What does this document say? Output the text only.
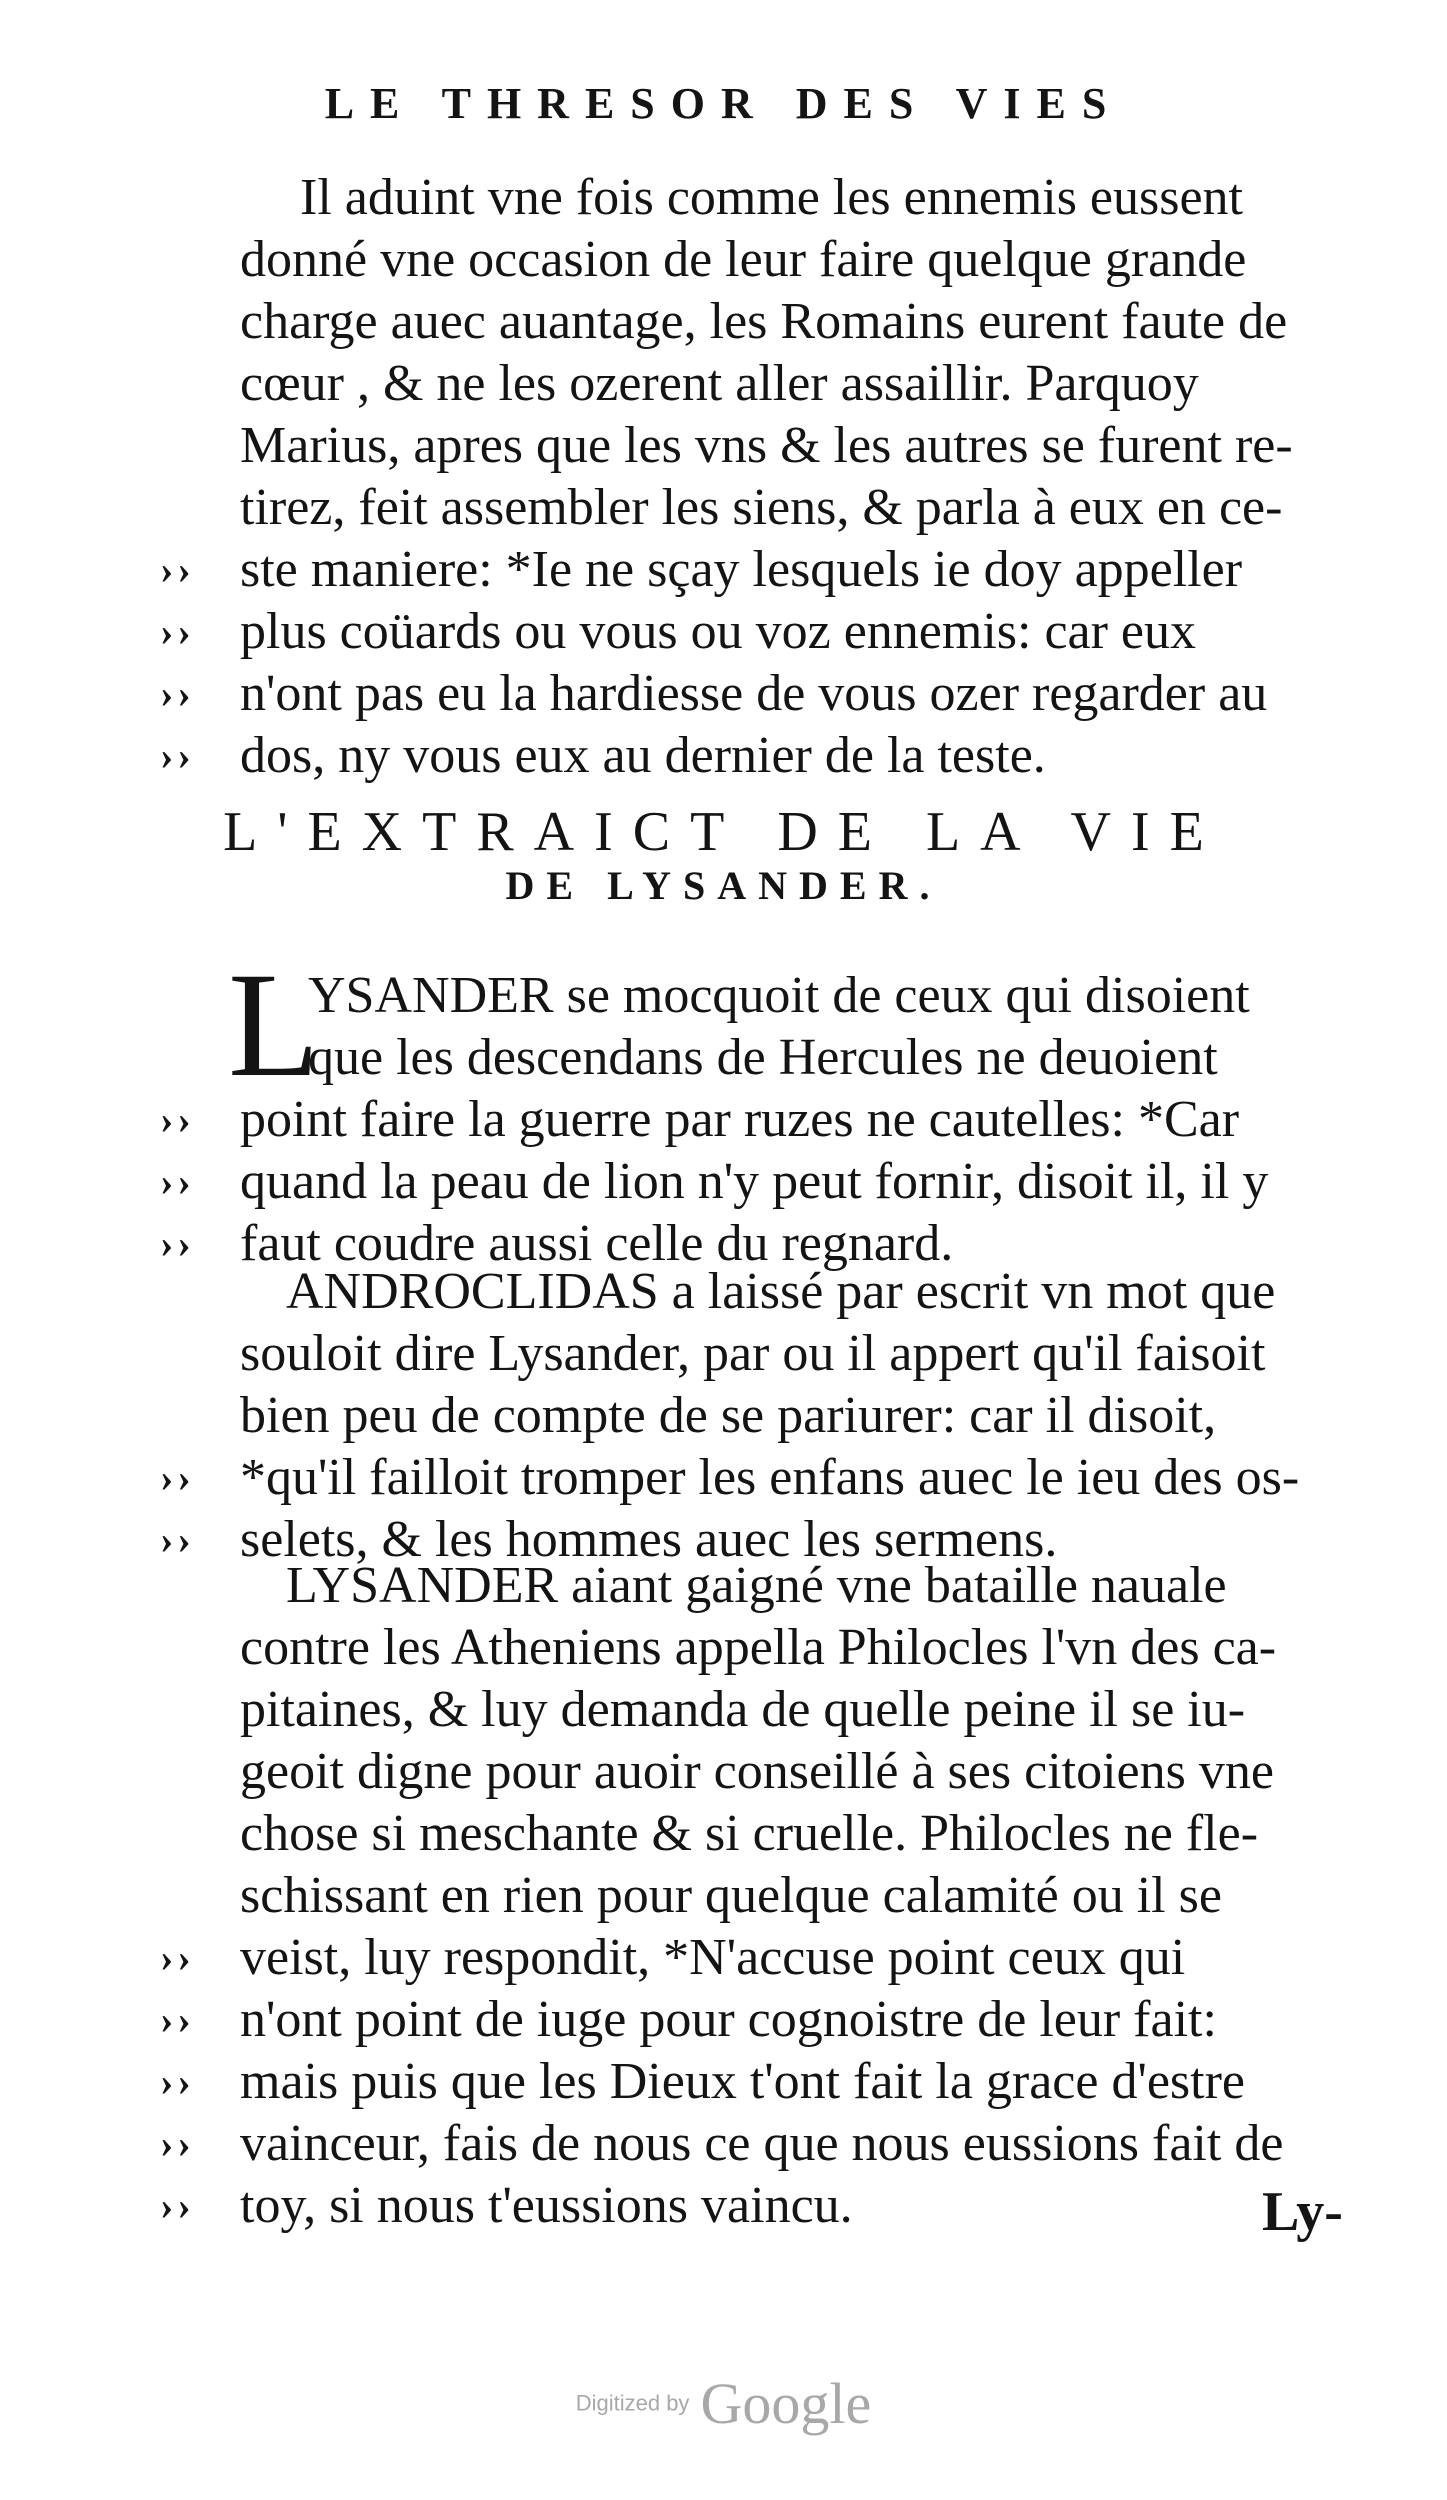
LE THRESOR DES VIES
Il aduint vne fois comme les ennemis eussent
donné vne occasion de leur faire quelque grande
charge auec auantage, les Romains eurent faute de
cœur , & ne les ozerent aller assaillir. Parquoy
Marius, apres que les vns & les autres se furent re-
tirez, feit assembler les siens, & parla à eux en ce-
›› ste maniere: *Ie ne sçay lesquels ie doy appeller
›› plus coüards ou vous ou voz ennemis: car eux
›› n'ont pas eu la hardiesse de vous ozer regarder au
›› dos, ny vous eux au dernier de la teste.
L'EXTRAICT DE LA VIE
DE LYSANDER.
L
YSANDER se mocquoit de ceux qui disoient
que les descendans de Hercules ne deuoient
›› point faire la guerre par ruzes ne cautelles: *Car
›› quand la peau de lion n'y peut fornir, disoit il, il y
›› faut coudre aussi celle du regnard.
ANDROCLIDAS a laissé par escrit vn mot que
souloit dire Lysander, par ou il appert qu'il faisoit
bien peu de compte de se pariurer: car il disoit,
›› *qu'il failloit tromper les enfans auec le ieu des os-
›› selets, & les hommes auec les sermens.
LYSANDER aiant gaigné vne bataille nauale
contre les Atheniens appella Philocles l'vn des ca-
pitaines, & luy demanda de quelle peine il se iu-
geoit digne pour auoir conseillé à ses citoiens vne
chose si meschante & si cruelle. Philocles ne fle-
schissant en rien pour quelque calamité ou il se
›› veist, luy respondit, *N'accuse point ceux qui
›› n'ont point de iuge pour cognoistre de leur fait:
›› mais puis que les Dieux t'ont fait la grace d'estre
›› vainceur, fais de nous ce que nous eussions fait de
›› toy, si nous t'eussions vaincu.	Ly-
Digitized by Google
